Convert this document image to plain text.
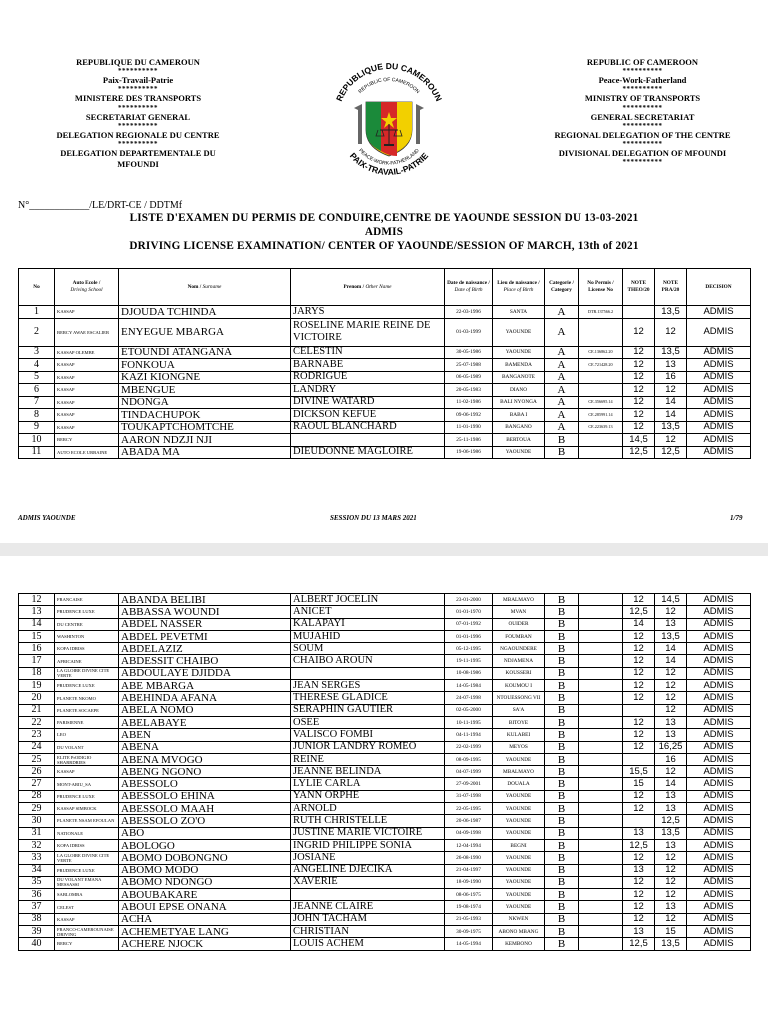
REPUBLIQUE DU CAMEROUN
**********
Paix-Travail-Patrie
**********
MINISTERE DES TRANSPORTS
**********
SECRETARIAT GENERAL
**********
DELEGATION REGIONALE DU CENTRE
**********
DELEGATION DEPARTEMENTALE DU
MFOUNDI
REPUBLIQUE DU CAMEROUN
REPUBLIC OF CAMEROON
PAIX-TRAVAIL-PATRIE
PEACE-WORK-FATHERLAND
REPUBLIC OF CAMEROON
**********
Peace-Work-Fatherland
**********
MINISTRY OF TRANSPORTS
**********
GENERAL SECRETARIAT
**********
REGIONAL DELEGATION OF THE CENTRE
**********
DIVISIONAL DELEGATION OF MFOUNDI
**********
N°____________/LE/DRT-CE / DDTMf
LISTE D'EXAMEN DU PERMIS DE CONDUIRE,CENTRE DE YAOUNDE SESSION DU 13-03-2021
ADMIS
DRIVING LICENSE EXAMINATION/ CENTER OF YAOUNDE/SESSION OF MARCH, 13th of 2021
No	Auto Ecole /
Driving School	Nom / Surname	Prenom / Other Name	Date de naissance /
Date of Birth	Lieu de naissance /
Place of Birth	Categorie / Category	No Permis / License No	NOTE THEO/20	NOTE PRA/20	DECISION
1	KASSAP	DJOUDA TCHINDA	JARYS	22-03-1996	SANTA	A	DTR.137566.2		13,5	ADMIS
2	BERCY AWAE ESCALIER	ENYEGUE MBARGA	ROSELINE MARIE REINE DE VICTOIRE	01-03-1999	YAOUNDE	A		12	12	ADMIS
3	KASSAP OLEMBE	ETOUNDI ATANGANA	CELESTIN	30-05-1986	YAOUNDE	A	CE.136862.20	12	13,5	ADMIS
4	KASSAP	FONKOUA	BARNABE	25-07-1988	BAMENDA	A	CE.721428.20	12	13	ADMIS
5	KASSAP	KAZI KIONGNE	RODRIGUE	06-05-1989	BANGANOTE	A		12	16	ADMIS
6	KASSAP	MBENGUE	LANDRY	20-05-1983	DIANO	A		12	12	ADMIS
7	KASSAP	NDONGA	DIVINE WATARD	11-02-1986	BALI NYONGA	A	CE.356695.14	12	14	ADMIS
8	KASSAP	TINDACHUPOK	DICKSON KEFUE	09-06-1992	BABA I	A	CE.285991.14	12	14	ADMIS
9	KASSAP	TOUKAPTCHOMTCHE	RAOUL BLANCHARD	11-01-1990	BANGANO	A	CE.223639.13	12	13,5	ADMIS
10	BERCY	AARON NDZJI NJI		25-11-1986	BERTOUA	B		14,5	12	ADMIS
11	AUTO ECOLE URBAINE	ABADA MA	DIEUDONNE MAGLOIRE	19-06-1986	YAOUNDE	B		12,5	12,5	ADMIS
ADMIS YAOUNDE	SESSION DU 13 MARS 2021	1/79
12	FRANCAISE	ABANDA BELIBI	ALBERT JOCELIN	23-01-2000	MBALMAYO	B		12	14,5	ADMIS
13	PRUDENCE LUXE	ABBASSA WOUNDI	ANICET	01-01-1970	MVAN	B		12,5	12	ADMIS
14	DU CENTRE	ABDEL NASSER	KALAPAYI	07-01-1992	OUIDER	B		14	13	ADMIS
15	WASHINTON	ABDEL PEVETMI	MUJAHID	01-01-1996	FOUMBAN	B		12	13,5	ADMIS
16	KOFA IDRISS	ABDELAZIZ	SOUM	05-12-1995	NGAOUNDERE	B		12	14	ADMIS
17	AFRICAINE	ABDESSIT CHAIBO	CHAIBO AROUN	19-11-1995	NDJAMENA	B		12	14	ADMIS
18	LA GLOIRE DIVINE CITE VERTE	ABDOULAYE DJIDDA		10-08-1986	KOUSSERI	B		12	12	ADMIS
19	PRUDENCE LUXE	ABE MBARGA	JEAN SERGES	14-05-1984	KOUMOU I	B		12	12	ADMIS
20	PLANETE NKOMO	ABEHINDA AFANA	THERESE GLADICE	24-07-1998	NTOUESSONG VII	B		12	12	ADMIS
21	PLANETE SOCAEPE	ABELA NOMO	SERAPHIN GAUTIER	02-05-2000	SA'A	B			12	ADMIS
22	PARISIENNE	ABELABAYE	OSEE	10-11-1995	BITOYE	B		12	13	ADMIS
23	LEO	ABEN	VALISCO FOMBI	04-11-1994	KULABEI	B		12	13	ADMIS
24	DU VOLANT	ABENA	JUNIOR LANDRY ROMEO	22-02-1999	MEYOS	B		12	16,25	ADMIS
25	ELITE PrODIGIO SHARRDRIES	ABENA MVOGO	REINE	08-09-1995	YAOUNDE	B			16	ADMIS
26	KASSAP	ABENG NGONO	JEANNE BELINDA	04-07-1999	MBALMAYO	B		15,5	12	ADMIS
27	MONT-ARIU_SA	ABESSOLO	LYLIE CARLA	27-09-2001	DOUALA	B		15	14	ADMIS
28	PRUDENCE LUXE	ABESSOLO EHINA	YANN ORPHE	31-07-1998	YAOUNDE	B		12	13	ADMIS
29	KASSAP SIMBOCK	ABESSOLO MAAH	ARNOLD	22-05-1995	YAOUNDE	B		12	13	ADMIS
30	PLANETE NSAM EFOULAN	ABESSOLO ZO'O	RUTH CHRISTELLE	20-06-1987	YAOUNDE	B			12,5	ADMIS
31	NATIONALE	ABO	JUSTINE MARIE VICTOIRE	04-09-1998	YAOUNDE	B		13	13,5	ADMIS
32	KOFA IDRISS	ABOLOGO	INGRID PHILIPPE SONIA	12-04-1994	BEGNI	B		12,5	13	ADMIS
33	LA GLOIRE DIVINE CITE VERTE	ABOMO DOBONGNO	JOSIANE	26-08-1990	YAOUNDE	B		12	12	ADMIS
34	PRUDENCE LUXE	ABOMO MODO	ANGELINE DJECIKA	21-04-1997	YAOUNDE	B		13	12	ADMIS
35	DU VOLANT EMANA MESSASSI	ABOMO NDONGO	XAVERIE	18-09-1990	YAOUNDE	B		12	12	ADMIS
36	SABLOMBA	ABOUBAKARE		08-06-1975	YAOUNDE	B		12	12	ADMIS
37	CELEST	ABOUI EPSE ONANA	JEANNE CLAIRE	19-08-1974	YAOUNDE	B		12	13	ADMIS
38	KASSAP	ACHA	JOHN TACHAM	21-05-1993	NKWEN	B		12	12	ADMIS
39	FRANCO-CAMEROUNAISE DRIVING	ACHEMETYAE LANG	CHRISTIAN	30-09-1975	ABONO MBANG	B		13	15	ADMIS
40	BERCY	ACHERE NJOCK	LOUIS ACHEM	14-05-1994	KEMBONO	B		12,5	13,5	ADMIS
